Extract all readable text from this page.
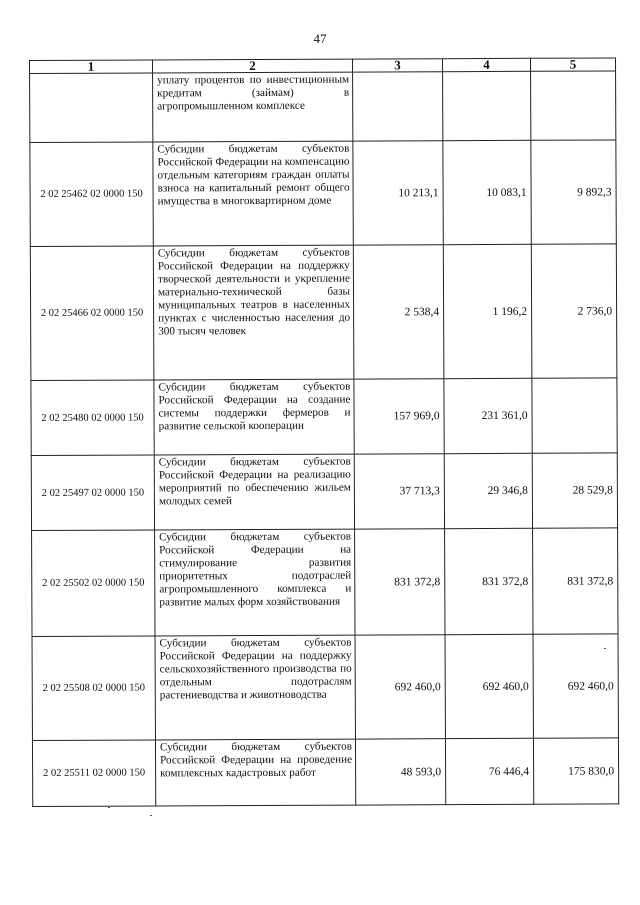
47
1	2	3	4	5
	уплату процентов по инвестиционным кредитам (займам) в агропромышленном комплексе			
2 02 25462 02 0000 150	Субсидии бюджетам субъектов Российской Федерации на компенсацию отдельным категориям граждан оплаты взноса на капитальный ремонт общего имущества в многоквартирном доме	10 213,1	10 083,1	9 892,3
2 02 25466 02 0000 150	Субсидии бюджетам субъектов Российской Федерации на поддержку творческой деятельности и укрепление материально-технической базы муниципальных театров в населенных пунктах с численностью населения до 300 тысяч человек	2 538,4	1 196,2	2 736,0
2 02 25480 02 0000 150	Субсидии бюджетам субъектов Российской Федерации на создание системы поддержки фермеров и развитие сельской кооперации	157 969,0	231 361,0	
2 02 25497 02 0000 150	Субсидии бюджетам субъектов Российской Федерации на реализацию мероприятий по обеспечению жильем молодых семей	37 713,3	29 346,8	28 529,8
2 02 25502 02 0000 150	Субсидии бюджетам субъектов Российской Федерации на стимулирование развития приоритетных подотраслей агропромышленного комплекса и развитие малых форм хозяйствования	831 372,8	831 372,8	831 372,8
2 02 25508 02 0000 150	Субсидии бюджетам субъектов Российской Федерации на поддержку сельскохозяйственного производства по отдельным подотраслям растениеводства и животноводства	692 460,0	692 460,0	692 460,0
2 02 25511 02 0000 150	Субсидии бюджетам субъектов Российской Федерации на проведение комплексных кадастровых работ	48 593,0	76 446,4	175 830,0
